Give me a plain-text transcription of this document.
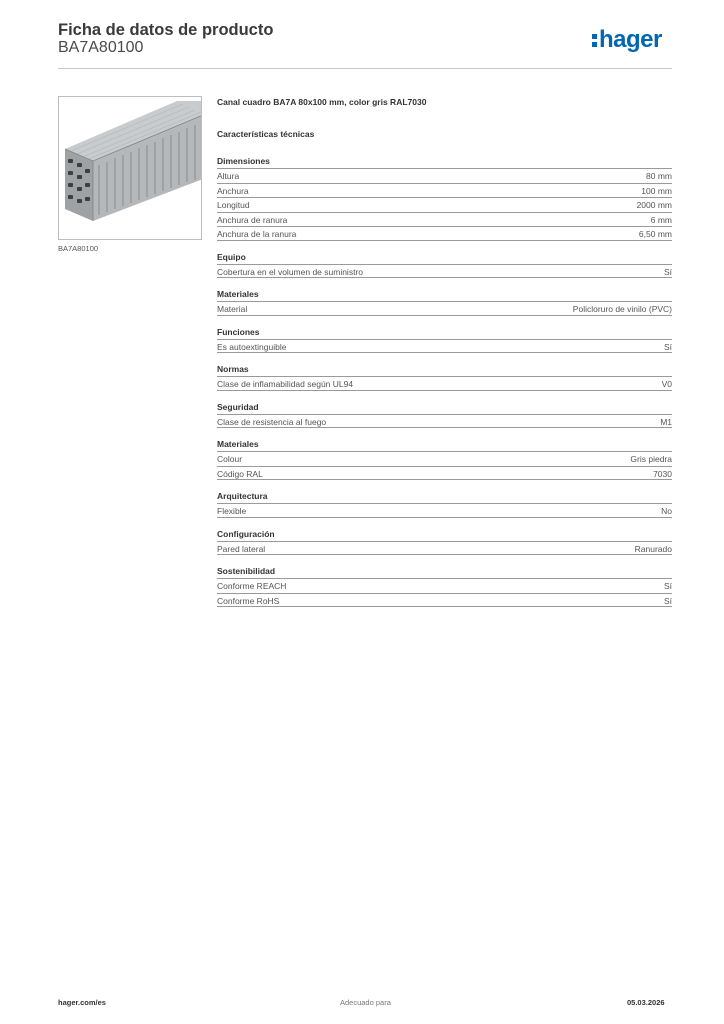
Ficha de datos de producto
BA7A80100	hager
BA7A80100
Canal cuadro BA7A 80x100 mm, color gris RAL7030
Características técnicas
Dimensiones
Altura	80 mm
Anchura	100 mm
Longitud	2000 mm
Anchura de ranura	6 mm
Anchura de la ranura	6,50 mm
Equipo
Cobertura en el volumen de suministro	Sí
Materiales
Material	Policloruro de vinilo (PVC)
Funciones
Es autoextinguible	Sí
Normas
Clase de inflamabilidad según UL94	V0
Seguridad
Clase de resistencia al fuego	M1
Materiales
Colour	Gris piedra
Código RAL	7030
Arquitectura
Flexible	No
Configuración
Pared lateral	Ranurado
Sostenibilidad
Conforme REACH	Sí
Conforme RoHS	Sí
hager.com/es	Adecuado para	05.03.2026
